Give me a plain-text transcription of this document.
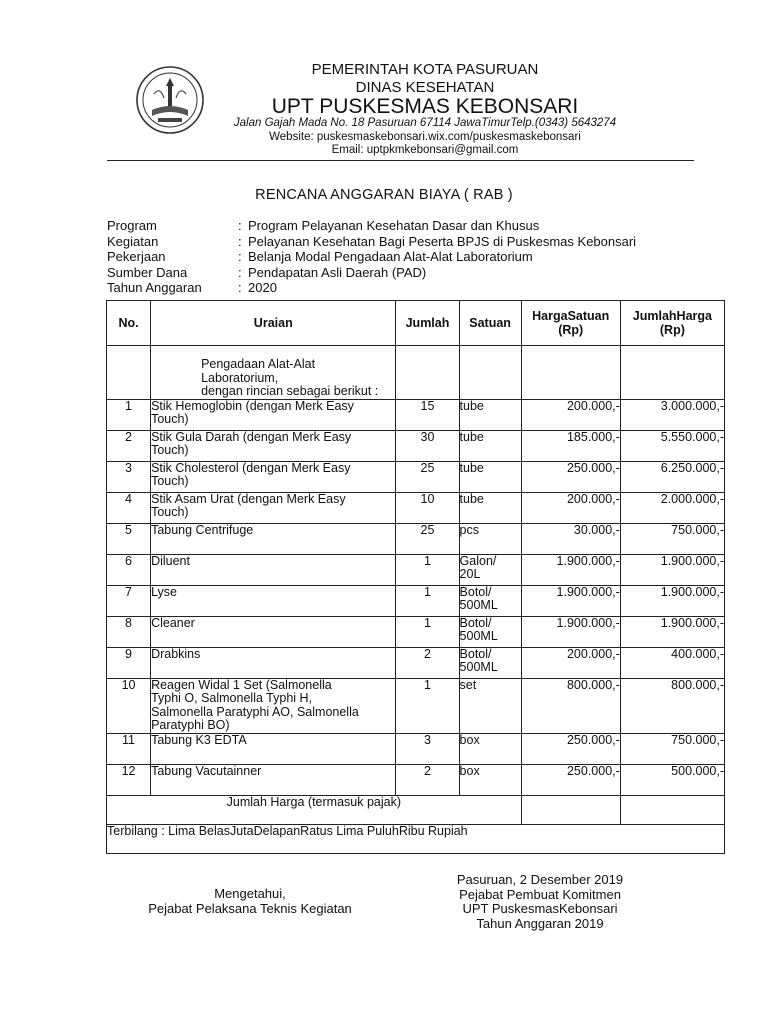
PEMERINTAH KOTA PASURUAN
DINAS KESEHATAN
UPT PUSKESMAS KEBONSARI
Jalan Gajah Mada No. 18 Pasuruan 67114 JawaTimurTelp.(0343) 5643274
Website: puskesmaskebonsari.wix.com/puskesmaskebonsari
Email: uptpkmkebonsari@gmail.com
RENCANA ANGGARAN BIAYA ( RAB )
Program	: Program Pelayanan Kesehatan Dasar dan Khusus
Kegiatan	: Pelayanan Kesehatan Bagi Peserta BPJS di Puskesmas Kebonsari
Pekerjaan	: Belanja Modal Pengadaan Alat-Alat Laboratorium
Sumber Dana	: Pendapatan Asli Daerah (PAD)
Tahun Anggaran	: 2020
No.	Uraian	Jumlah	Satuan	HargaSatuan
(Rp)	JumlahHarga
(Rp)
	Pengadaan Alat-Alat Laboratorium,
dengan rincian sebagai berikut :				
1	Stik Hemoglobin (dengan Merk Easy
Touch)	15	tube	200.000,-	3.000.000,-
2	Stik Gula Darah (dengan Merk Easy
Touch)	30	tube	185.000,-	5.550.000,-
3	Stik Cholesterol (dengan Merk Easy
Touch)	25	tube	250.000,-	6.250.000,-
4	Stik Asam Urat (dengan Merk Easy
Touch)	10	tube	200.000,-	2.000.000,-
5	Tabung Centrifuge	25	pcs	30.000,-	750.000,-
6	Diluent	1	Galon/
20L	1.900.000,-	1.900.000,-
7	Lyse	1	Botol/
500ML	1.900.000,-	1.900.000,-
8	Cleaner	1	Botol/
500ML	1.900.000,-	1.900.000,-
9	Drabkins	2	Botol/
500ML	200.000,-	400.000,-
10	Reagen Widal 1 Set (Salmonella
Typhi O, Salmonella Typhi H,
Salmonella Paratyphi AO, Salmonella
Paratyphi BO)	1	set	800.000,-	800.000,-
11	Tabung K3 EDTA	3	box	250.000,-	750.000,-
12	Tabung Vacutainner	2	box	250.000,-	500.000,-
Jumlah Harga (termasuk pajak)					
Terbilang : Lima BelasJutaDelapanRatus Lima PuluhRibu Rupiah					
Mengetahui,
Pejabat Pelaksana Teknis Kegiatan
Pasuruan, 2 Desember 2019
Pejabat Pembuat Komitmen
UPT PuskesmasKebonsari
Tahun Anggaran 2019
